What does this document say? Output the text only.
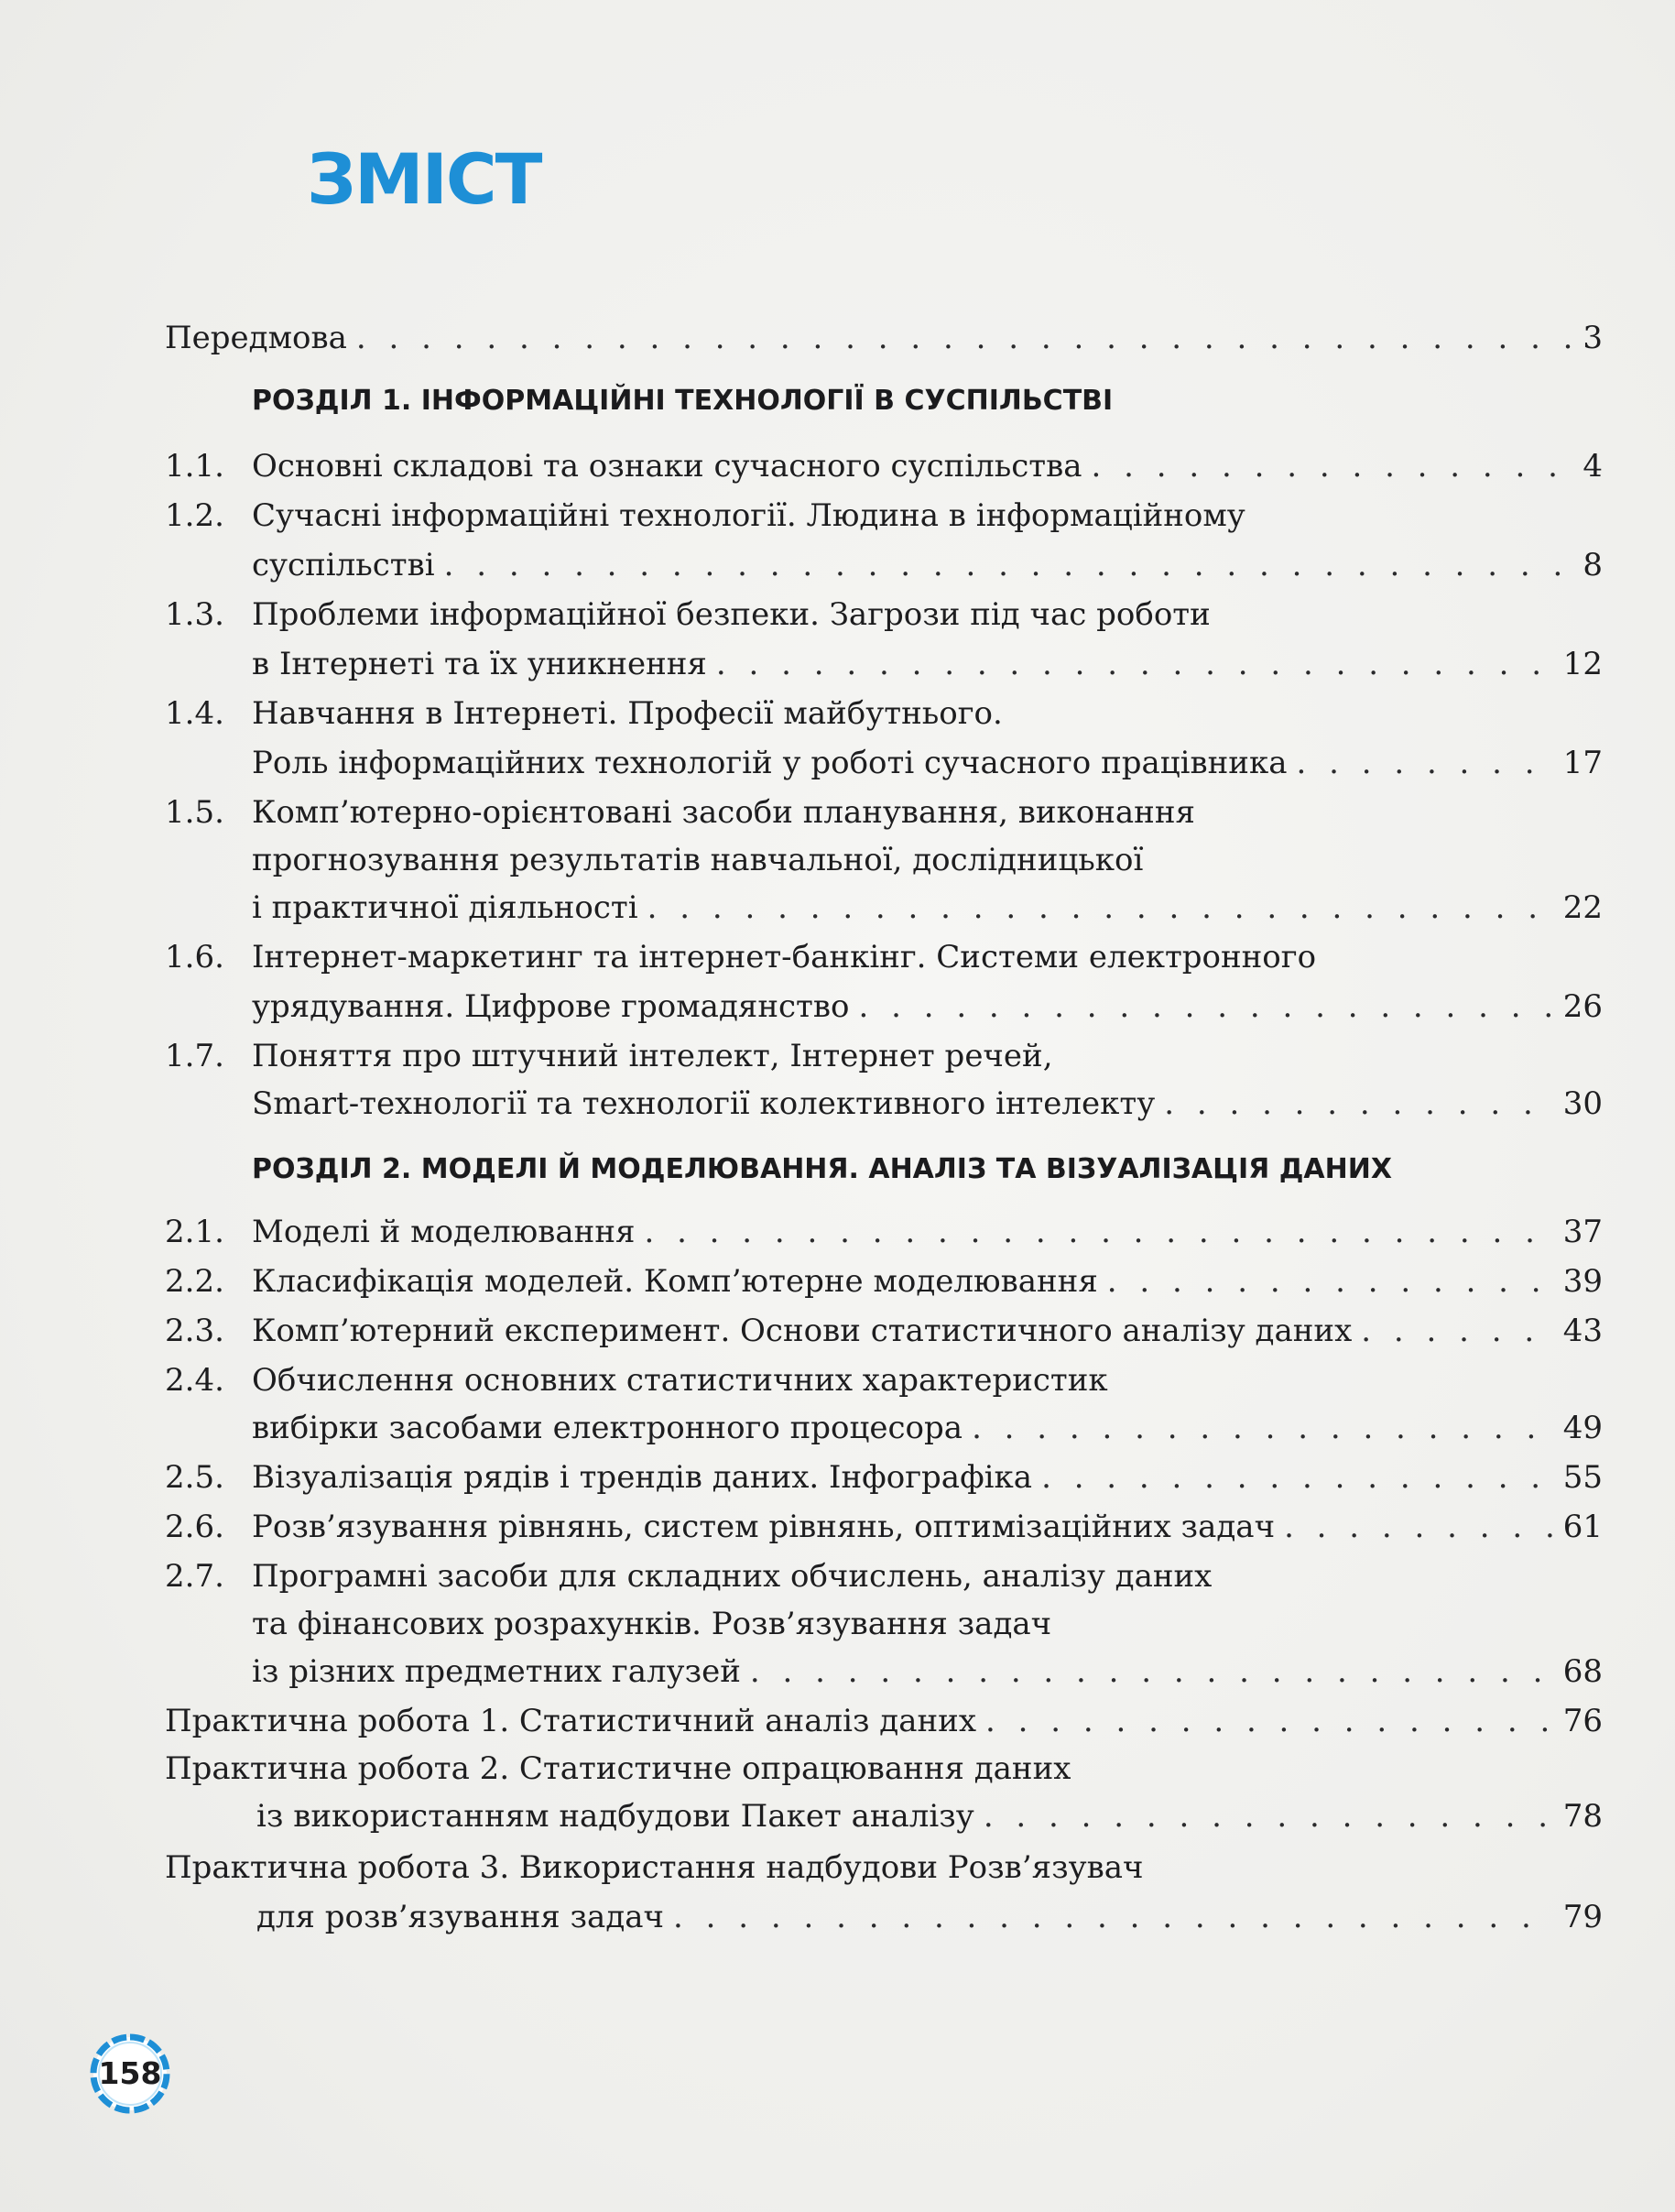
ЗМІСТ
Передмова . . .	3
РОЗДІЛ 1. ІНФОРМАЦІЙНІ ТЕХНОЛОГІЇ В СУСПІЛЬСТВІ
1.1. Основні складові та ознаки сучасного суспільства . . .	4
1.2. Сучасні інформаційні технології. Людина в інформаційному
суспільстві . . .	8
1.3. Проблеми інформаційної безпеки. Загрози під час роботи
в Інтернеті та їх уникнення . . .	12
1.4. Навчання в Інтернеті. Професії майбутнього.
Роль інформаційних технологій у роботі сучасного працівника . . .	17
1.5. Комп’ютерно-орієнтовані засоби планування, виконання
прогнозування результатів навчальної, дослідницької
і практичної діяльності . . .	22
1.6. Інтернет-маркетинг та інтернет-банкінг. Системи електронного
урядування. Цифрове громадянство . . .	26
1.7. Поняття про штучний інтелект, Інтернет речей,
Smart-технології та технології колективного інтелекту . . .	30
РОЗДІЛ 2. МОДЕЛІ Й МОДЕЛЮВАННЯ. АНАЛІЗ ТА ВІЗУАЛІЗАЦІЯ ДАНИХ
2.1. Моделі й моделювання . . .	37
2.2. Класифікація моделей. Комп’ютерне моделювання . . .	39
2.3. Комп’ютерний експеримент. Основи статистичного аналізу даних . . .	43
2.4. Обчислення основних статистичних характеристик
вибірки засобами електронного процесора . . .	49
2.5. Візуалізація рядів і трендів даних. Інфографіка . . .	55
2.6. Розв’язування рівнянь, систем рівнянь, оптимізаційних задач . . .	61
2.7. Програмні засоби для складних обчислень, аналізу даних
та фінансових розрахунків. Розв’язування задач
із різних предметних галузей . . .	68
Практична робота 1. Статистичний аналіз даних . . .	76
Практична робота 2. Статистичне опрацювання даних
із використанням надбудови Пакет аналізу . . .	78
Практична робота 3. Використання надбудови Розв’язувач
для розв’язування задач . . .	79
158
